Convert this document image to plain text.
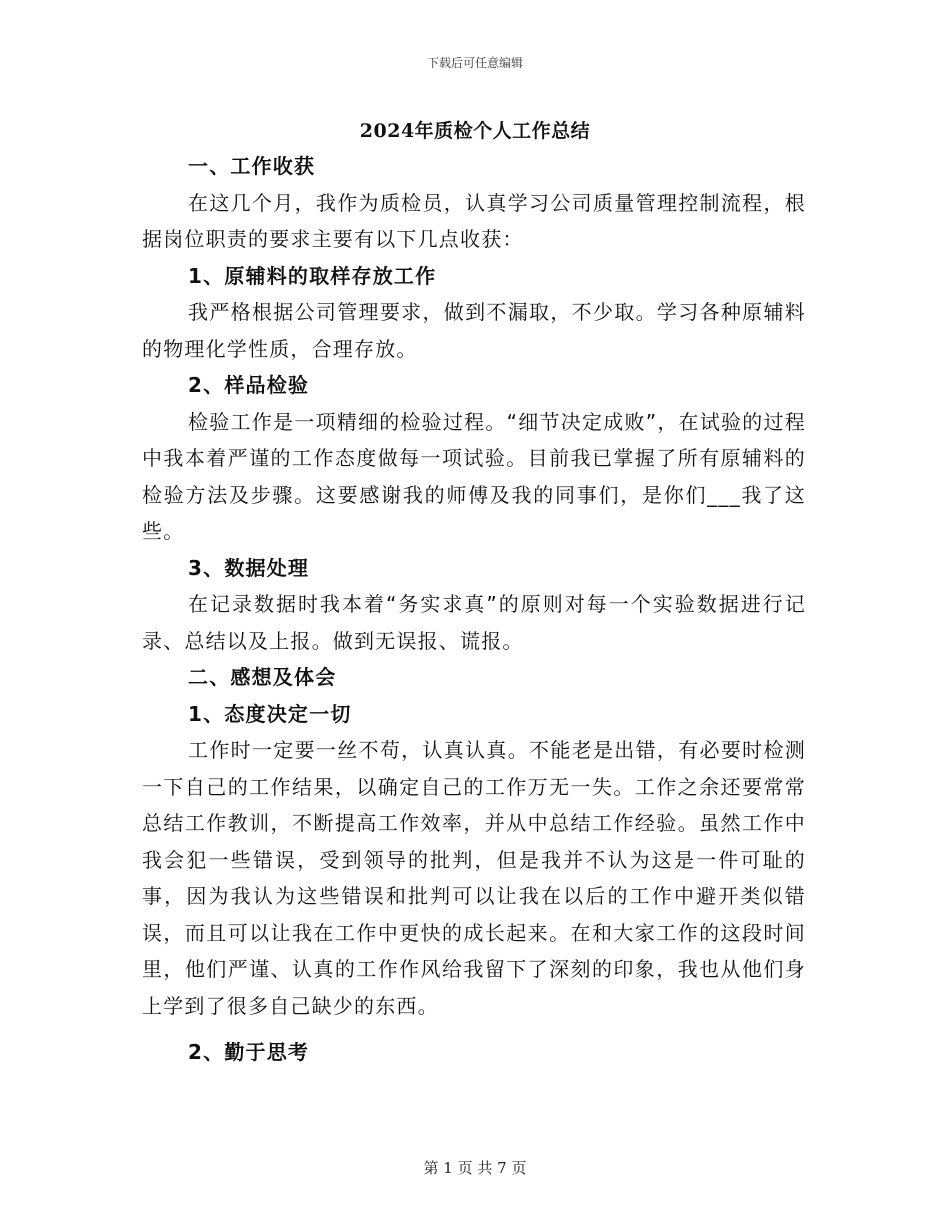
下载后可任意编辑
2024年质检个人工作总结

一、工作收获

在这几个月，我作为质检员，认真学习公司质量管理控制流程，根据岗位职责的要求主要有以下几点收获：

1、原辅料的取样存放工作

我严格根据公司管理要求，做到不漏取，不少取。学习各种原辅料的物理化学性质，合理存放。

2、样品检验

检验工作是一项精细的检验过程。“细节决定成败”，在试验的过程中我本着严谨的工作态度做每一项试验。目前我已掌握了所有原辅料的检验方法及步骤。这要感谢我的师傅及我的同事们，是你们___我了这些。

3、数据处理

在记录数据时我本着“务实求真”的原则对每一个实验数据进行记录、总结以及上报。做到无误报、谎报。

二、感想及体会

1、态度决定一切

工作时一定要一丝不苟，认真认真。不能老是出错，有必要时检测一下自己的工作结果，以确定自己的工作万无一失。工作之余还要常常总结工作教训，不断提高工作效率，并从中总结工作经验。虽然工作中我会犯一些错误，受到领导的批判，但是我并不认为这是一件可耻的事，因为我认为这些错误和批判可以让我在以后的工作中避开类似错误，而且可以让我在工作中更快的成长起来。在和大家工作的这段时间里，他们严谨、认真的工作作风给我留下了深刻的印象，我也从他们身上学到了很多自己缺少的东西。

2、勤于思考

第 1 页 共 7 页
